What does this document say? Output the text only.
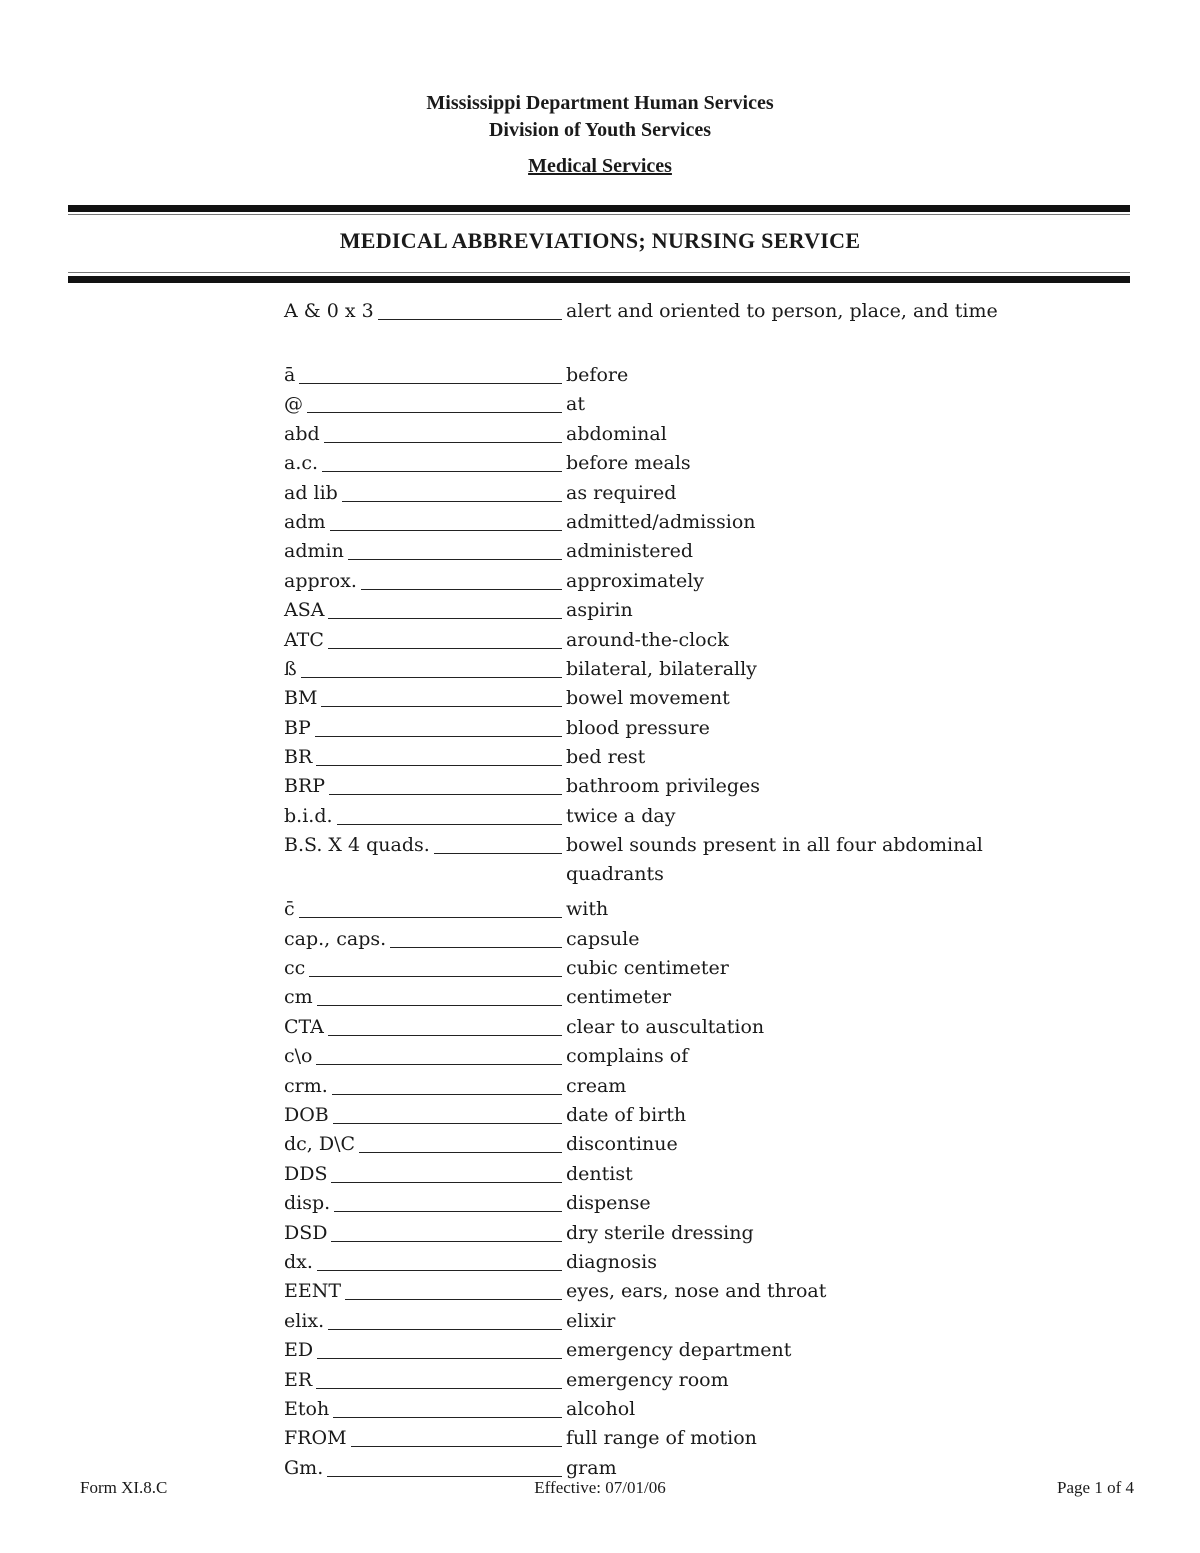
Mississippi Department Human Services
Division of Youth Services
Medical Services
MEDICAL ABBREVIATIONS; NURSING SERVICE
A & 0 x 3	alert and oriented to person, place, and time
ā	before
@	at
abd	abdominal
a.c.	before meals
ad lib	as required
adm	admitted/admission
admin	administered
approx.	approximately
ASA	aspirin
ATC	around-the-clock
ß	bilateral, bilaterally
BM	bowel movement
BP	blood pressure
BR	bed rest
BRP	bathroom privileges
b.i.d.	twice a day
B.S. X 4 quads.	bowel sounds present in all four abdominal quadrants
c̄	with
cap., caps.	capsule
cc	cubic centimeter
cm	centimeter
CTA	clear to auscultation
c\o	complains of
crm.	cream
DOB	date of birth
dc, D\C	discontinue
DDS	dentist
disp.	dispense
DSD	dry sterile dressing
dx.	diagnosis
EENT	eyes, ears, nose and throat
elix.	elixir
ED	emergency department
ER	emergency room
Etoh	alcohol
FROM	full range of motion
Gm.	gram
Form XI.8.C	Effective: 07/01/06	Page 1 of 4
